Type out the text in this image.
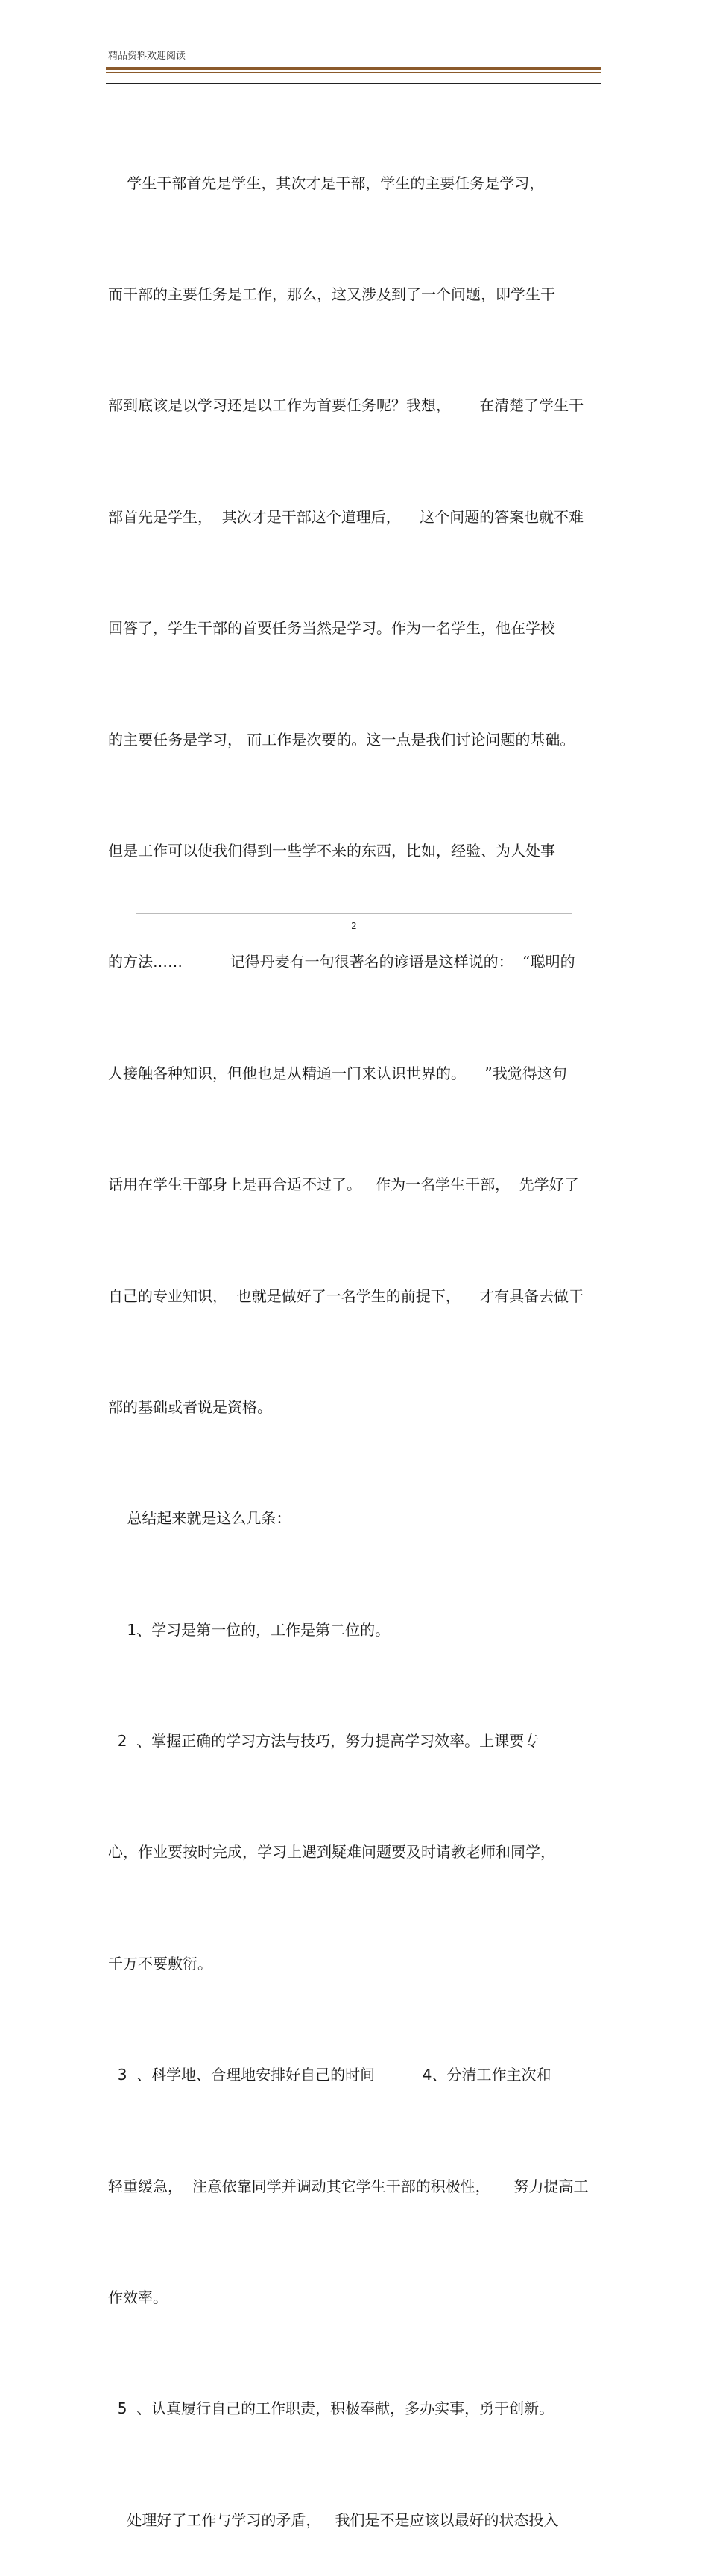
精品资料欢迎阅读

学生干部首先是学生，其次才是干部，学生的主要任务是学习，

而干部的主要任务是工作，那么，这又涉及到了一个问题，即学生干

部到底该是以学习还是以工作为首要任务呢？我想，      在清楚了学生干

部首先是学生，  其次才是干部这个道理后，    这个问题的答案也就不难

回答了，学生干部的首要任务当然是学习。作为一名学生，他在学校

的主要任务是学习， 而工作是次要的。这一点是我们讨论问题的基础。

但是工作可以使我们得到一些学不来的东西，比如，经验、为人处事

的方法……          记得丹麦有一句很著名的谚语是这样说的：  “聪明的

人接触各种知识，但他也是从精通一门来认识世界的。    ”我觉得这句

话用在学生干部身上是再合适不过了。   作为一名学生干部，  先学好了

自己的专业知识，  也就是做好了一名学生的前提下，    才有具备去做干

部的基础或者说是资格。

总结起来就是这么几条：

1、学习是第一位的，工作是第二位的。

2  、掌握正确的学习方法与技巧，努力提高学习效率。上课要专

心，作业要按时完成，学习上遇到疑难问题要及时请教老师和同学，

千万不要敷衍。

3  、科学地、合理地安排好自己的时间          4、分清工作主次和

轻重缓急，  注意依靠同学并调动其它学生干部的积极性，     努力提高工

作效率。

5  、认真履行自己的工作职责，积极奉献，多办实事，勇于创新。

处理好了工作与学习的矛盾，   我们是不是应该以最好的状态投入

2
